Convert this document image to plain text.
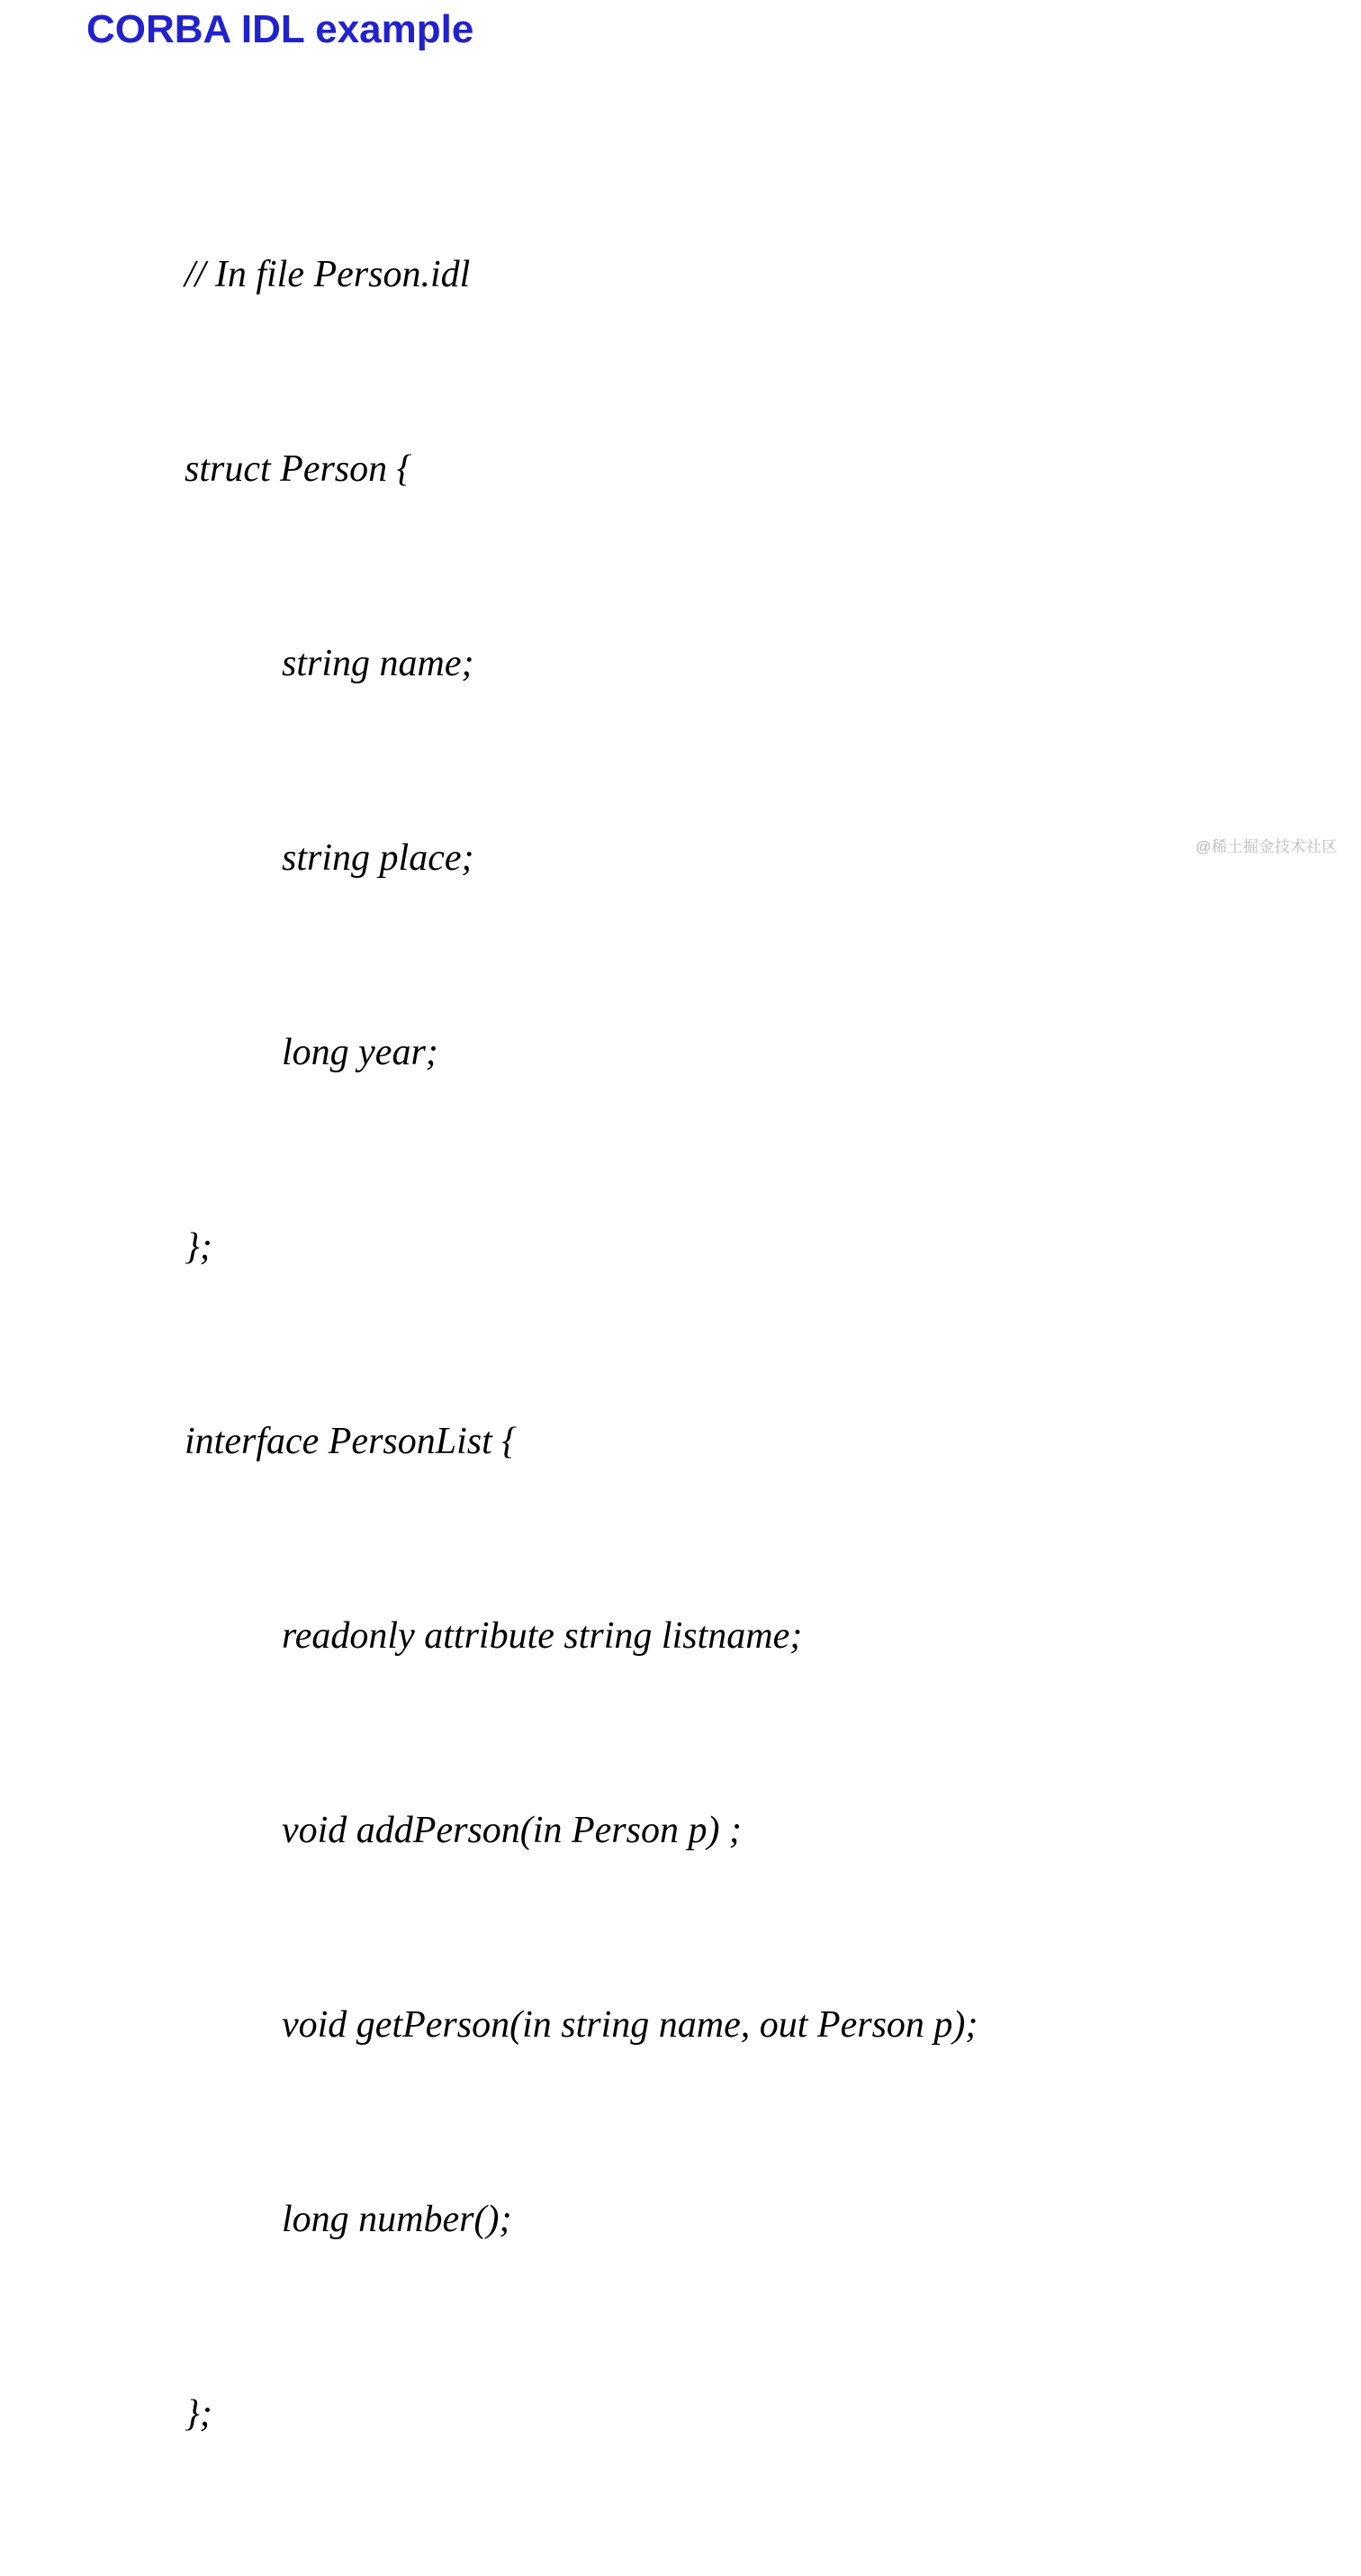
CORBA IDL example

// In file Person.idl

struct Person {

string name;

string place;

long year;

};

interface PersonList {

readonly attribute string listname;

void addPerson(in Person p) ;

void getPerson(in string name, out Person p);

long number();

};

@稀土掘金技术社区
